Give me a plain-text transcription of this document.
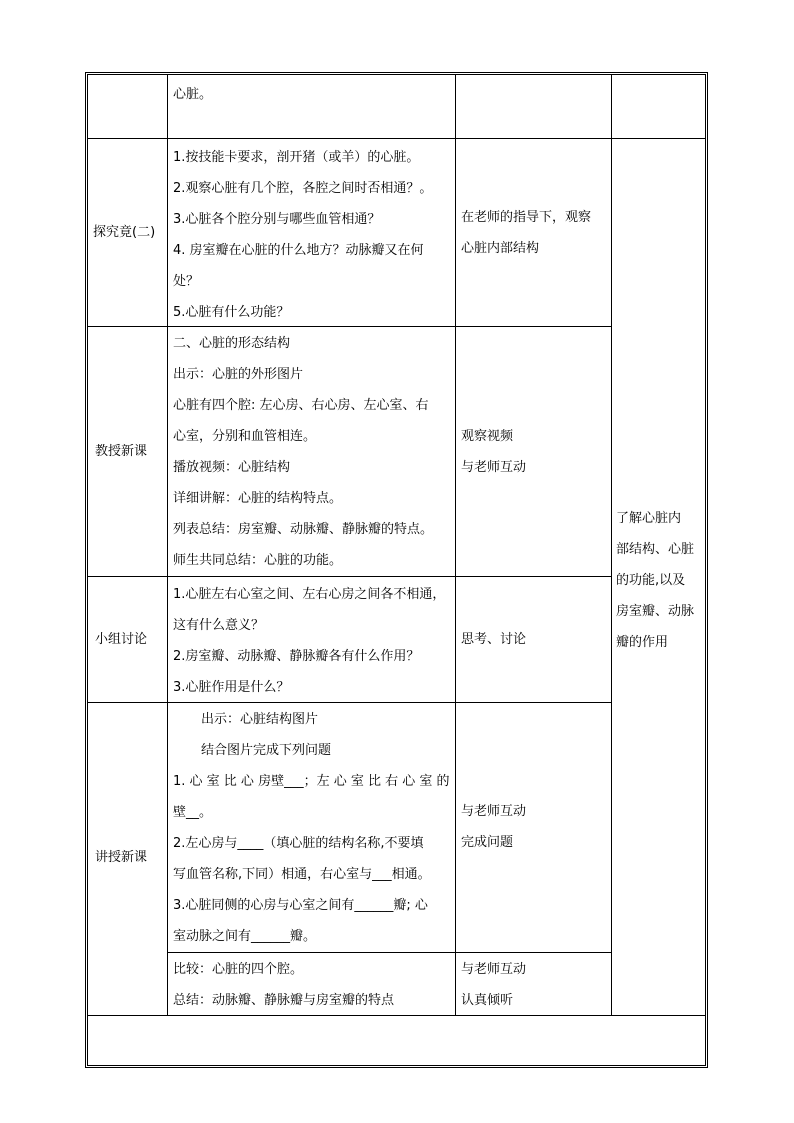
心脏。

探究竟(二)

1.按技能卡要求，剖开猪（或羊）的心脏。

2.观察心脏有几个腔，各腔之间时否相通？。

3.心脏各个腔分别与哪些血管相通？

4. 房室瓣在心脏的什么地方？动脉瓣又在何

处？

5.心脏有什么功能？

在老师的指导下，观察

心脏内部结构

教授新课

二、心脏的形态结构

出示：心脏的外形图片

心脏有四个腔: 左心房、右心房、左心室、右

心室，分别和血管相连。

播放视频：心脏结构

详细讲解：心脏的结构特点。

列表总结：房室瓣、动脉瓣、静脉瓣的特点。

师生共同总结：心脏的功能。

观察视频

与老师互动

小组讨论

1.心脏左右心室之间、左右心房之间各不相通，

这有什么意义？

2.房室瓣、动脉瓣、静脉瓣各有什么作用？

3.心脏作用是什么？

思考、讨论

讲授新课

出示：心脏结构图片

结合图片完成下列问题

1. 心 室 比 心 房壁___；左 心 室 比 右 心 室 的

壁__。

2.左心房与____（填心脏的结构名称,不要填

写血管名称,下同）相通，右心室与___相通。

3.心脏同侧的心房与心室之间有______瓣; 心

室动脉之间有______瓣。

与老师互动

完成问题

比较：心脏的四个腔。

总结：动脉瓣、静脉瓣与房室瓣的特点

与老师互动

认真倾听

了解心脏内

部结构、心脏

的功能,以及

房室瓣、动脉

瓣的作用
